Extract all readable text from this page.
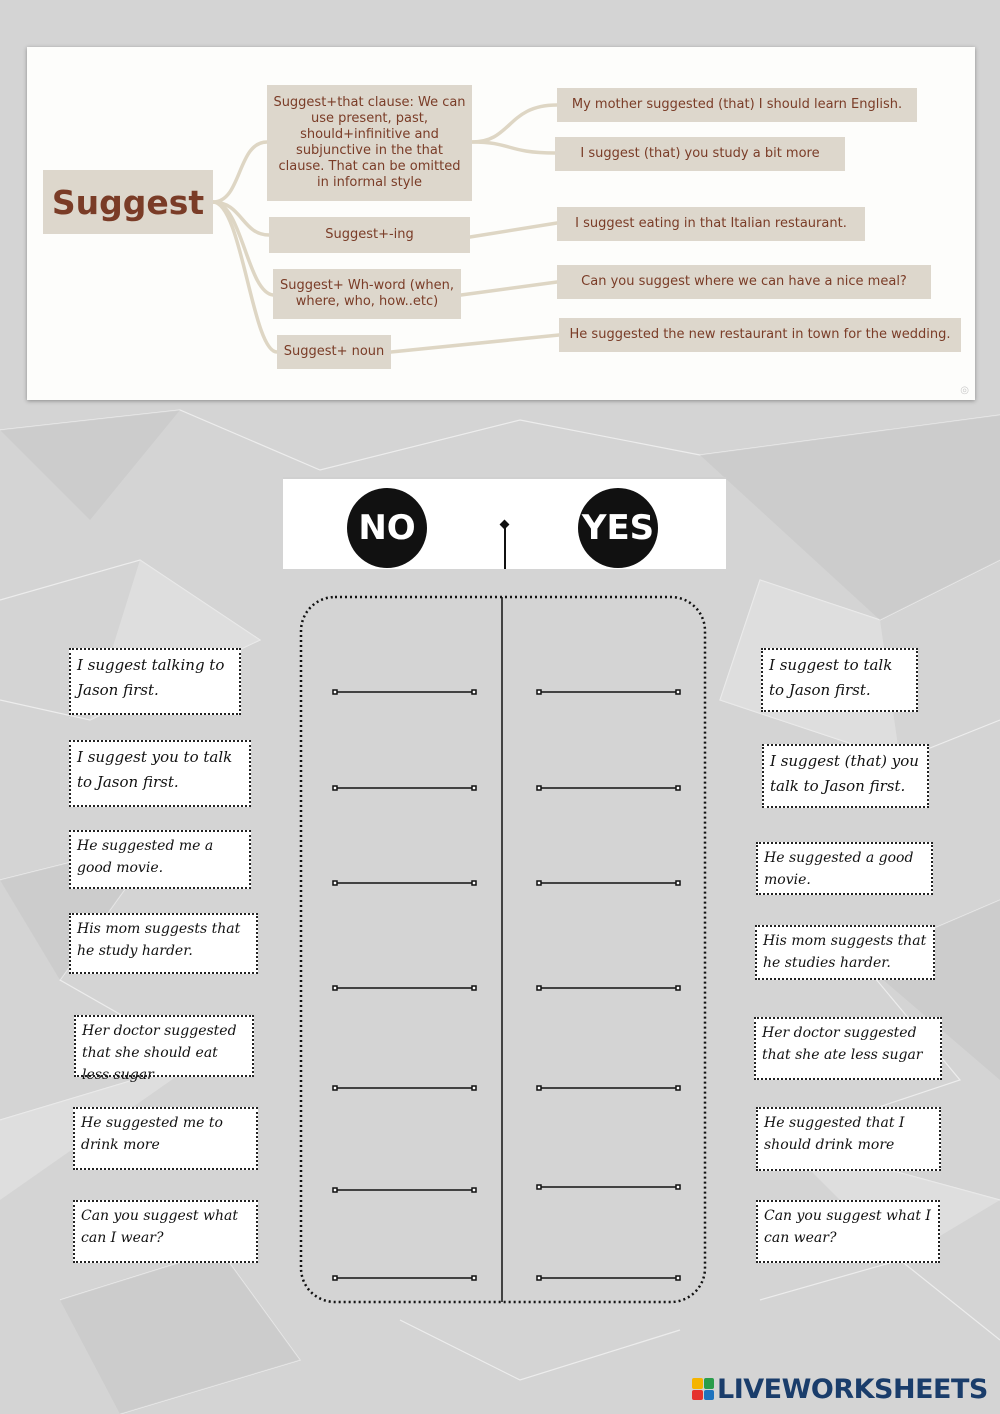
Suggest
Suggest+that clause: We can use present, past, should+infinitive and subjunctive in the that clause. That can be omitted in informal style
Suggest+-ing
Suggest+ Wh-word (when, where, who, how..etc)
Suggest+ noun
My mother suggested (that) I should learn English.
I suggest (that) you study a bit more
I suggest eating in that Italian restaurant.
Can you suggest where we can have a nice meal?
He suggested the new restaurant in town for the wedding.
◎
NO	YES
I suggest talking to Jason first.
I suggest you to talk to Jason first.
He suggested me a good movie.
His mom suggests that he study harder.
Her doctor suggested that she should eat less sugar
He suggested me to drink more
Can you suggest what can I wear?
I suggest to talk to Jason first.
I suggest (that) you talk to Jason first.
He suggested a good movie.
His mom suggests that he studies harder.
Her doctor suggested that she ate less sugar
He suggested that I should drink more
Can you suggest what I can wear?
LIVEWORKSHEETS
